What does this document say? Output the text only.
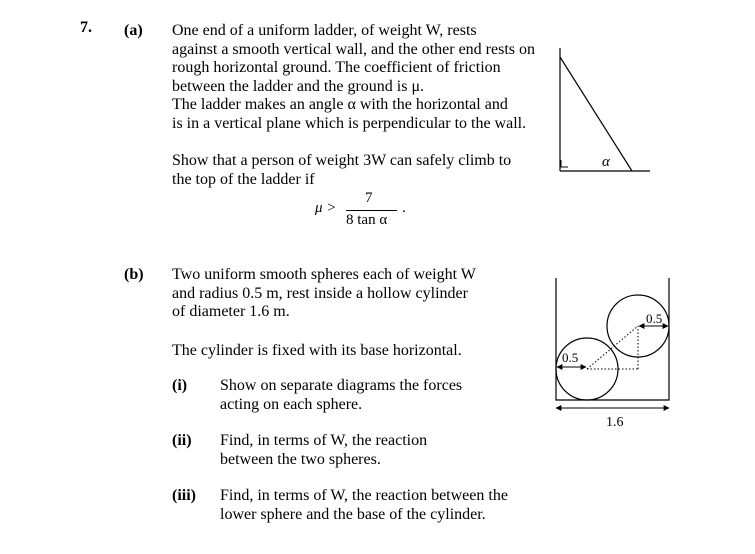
7. (a) One end of a uniform ladder, of weight W, rests
against a smooth vertical wall, and the other end rests on
rough horizontal ground. The coefficient of friction
between the ladder and the ground is μ.
The ladder makes an angle α with the horizontal and
is in a vertical plane which is perpendicular to the wall.
Show that a person of weight 3W can safely climb to
the top of the ladder if
μ >
7
8 tan α
.
α
(b) Two uniform smooth spheres each of weight W
and radius 0.5 m, rest inside a hollow cylinder
of diameter 1.6 m.
The cylinder is fixed with its base horizontal.
(i) Show on separate diagrams the forces
acting on each sphere.
(ii) Find, in terms of W, the reaction
between the two spheres.
(iii) Find, in terms of W, the reaction between the
lower sphere and the base of the cylinder.
0.5
0.5
1.6
